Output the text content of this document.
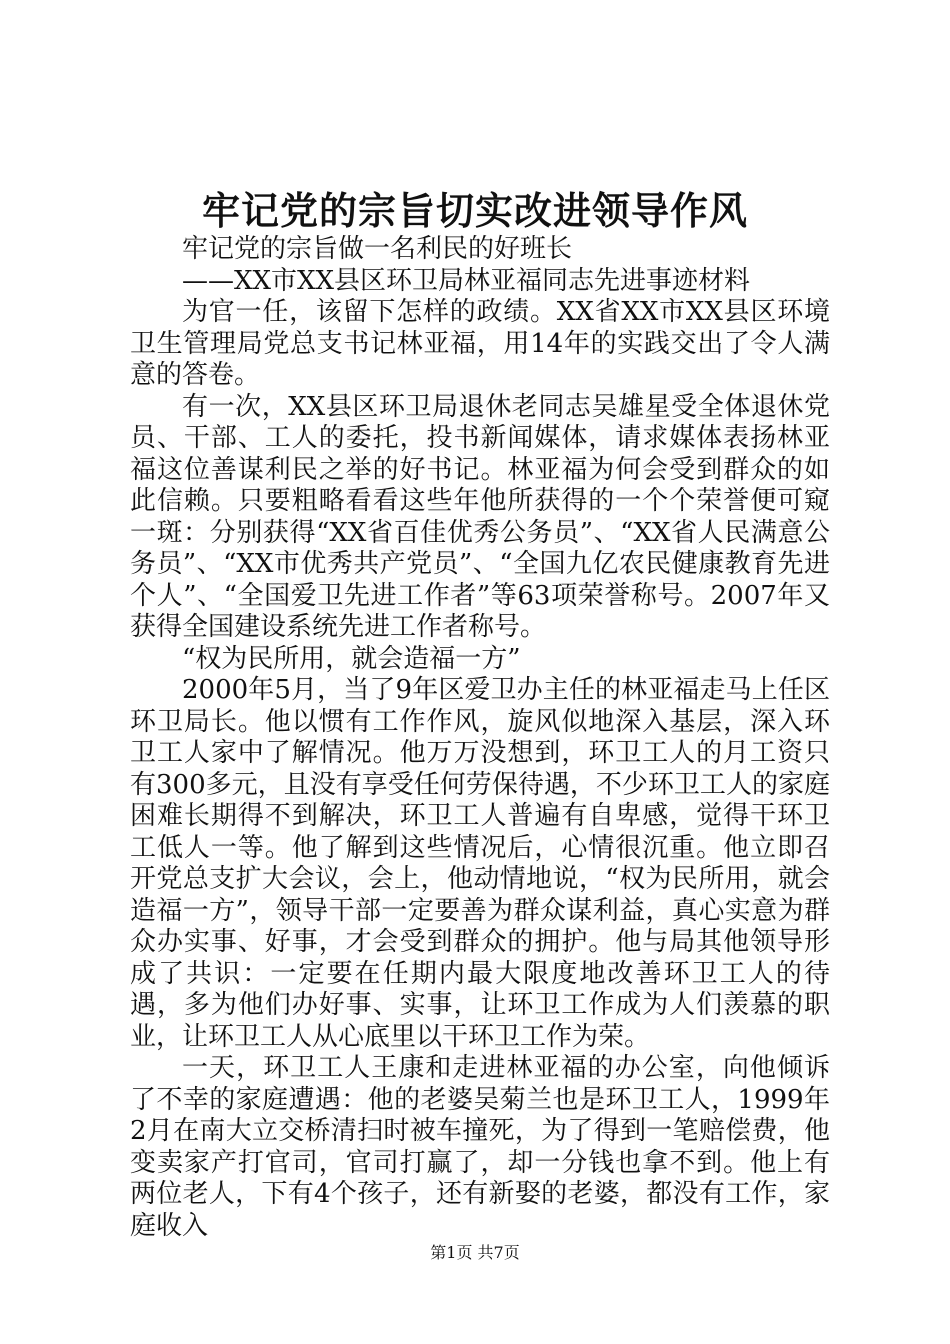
牢记党的宗旨切实改进领导作风

牢记党的宗旨做一名利民的好班长

——XX市XX县区环卫局林亚福同志先进事迹材料

为官一任，该留下怎样的政绩。XX省XX市XX县区环境卫生管理局党总支书记林亚福，用14年的实践交出了令人满意的答卷。

有一次，XX县区环卫局退休老同志吴雄星受全体退休党员、干部、工人的委托，投书新闻媒体，请求媒体表扬林亚福这位善谋利民之举的好书记。林亚福为何会受到群众的如此信赖。只要粗略看看这些年他所获得的一个个荣誉便可窥一斑：分别获得“XX省百佳优秀公务员”、“XX省人民满意公务员”、“XX市优秀共产党员”、“全国九亿农民健康教育先进个人”、“全国爱卫先进工作者”等63项荣誉称号。2007年又获得全国建设系统先进工作者称号。

“权为民所用，就会造福一方”

2000年5月，当了9年区爱卫办主任的林亚福走马上任区环卫局长。他以惯有工作作风，旋风似地深入基层，深入环卫工人家中了解情况。他万万没想到，环卫工人的月工资只有300多元，且没有享受任何劳保待遇，不少环卫工人的家庭困难长期得不到解决，环卫工人普遍有自卑感，觉得干环卫工低人一等。他了解到这些情况后，心情很沉重。他立即召开党总支扩大会议，会上，他动情地说，“权为民所用，就会造福一方”，领导干部一定要善为群众谋利益，真心实意为群众办实事、好事，才会受到群众的拥护。他与局其他领导形成了共识：一定要在任期内最大限度地改善环卫工人的待遇，多为他们办好事、实事，让环卫工作成为人们羡慕的职业，让环卫工人从心底里以干环卫工作为荣。

一天，环卫工人王康和走进林亚福的办公室，向他倾诉了不幸的家庭遭遇：他的老婆吴菊兰也是环卫工人，1999年2月在南大立交桥清扫时被车撞死，为了得到一笔赔偿费，他变卖家产打官司，官司打赢了，却一分钱也拿不到。他上有两位老人，下有4个孩子，还有新娶的老婆，都没有工作，家庭收入

第1页 共7页
